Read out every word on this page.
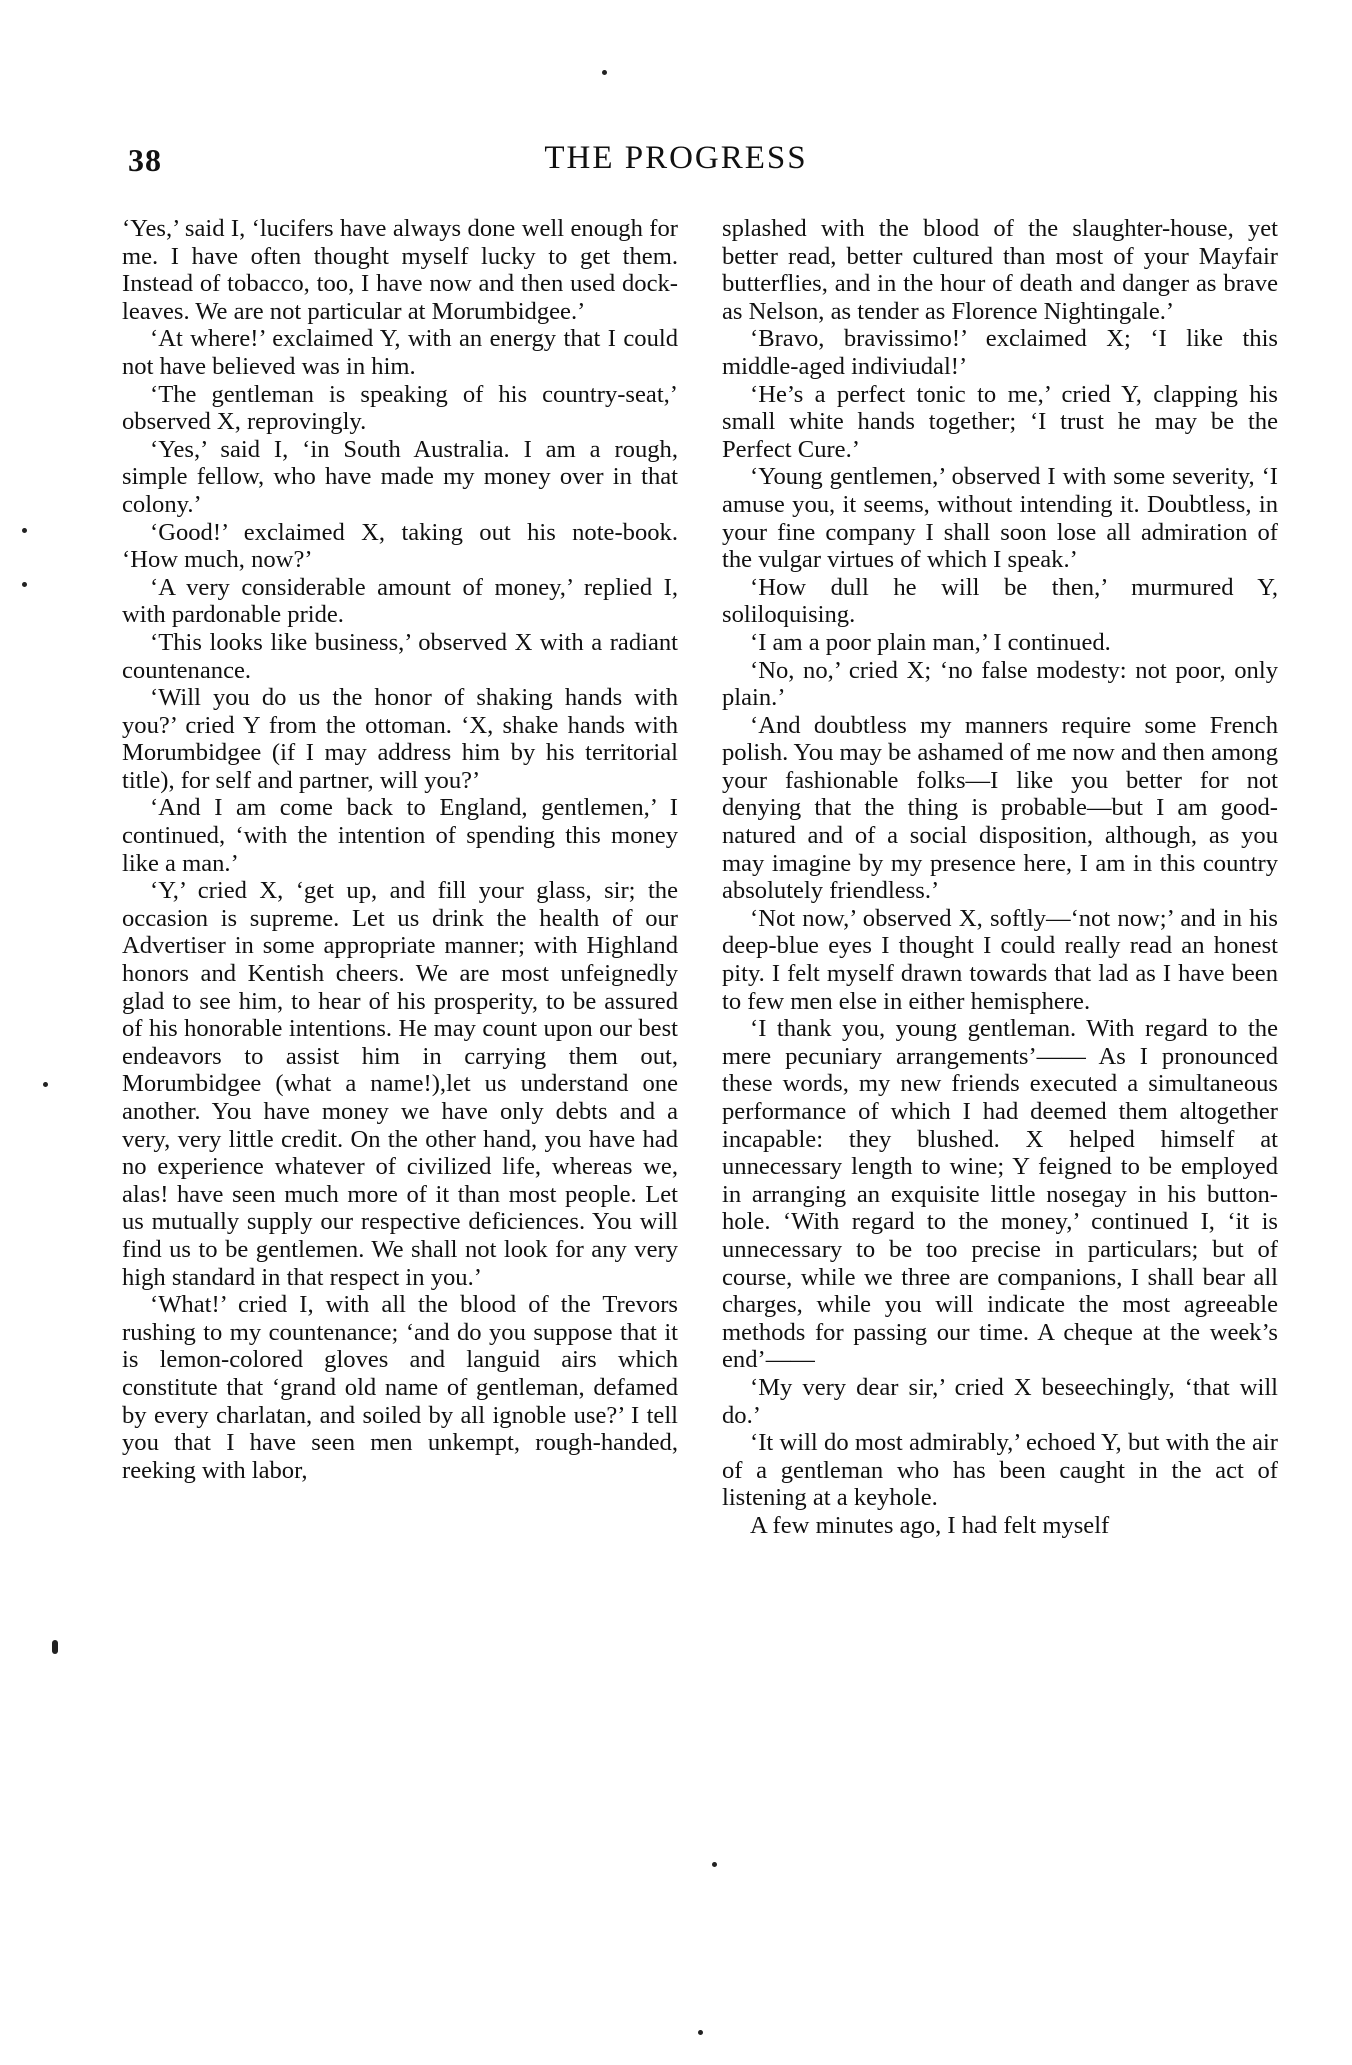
38	THE PROGRESS

‘Yes,’ said I, ‘lucifers have always done well enough for me. I have often thought myself lucky to get them. Instead of tobacco, too, I have now and then used dock-leaves. We are not particular at Morumbidgee.’

‘At where!’ exclaimed Y, with an energy that I could not have believed was in him.

‘The gentleman is speaking of his country-seat,’ observed X, reprovingly.

‘Yes,’ said I, ‘in South Australia. I am a rough, simple fellow, who have made my money over in that colony.’

‘Good!’ exclaimed X, taking out his note-book. ‘How much, now?’

‘A very considerable amount of money,’ replied I, with pardonable pride.

‘This looks like business,’ observed X with a radiant countenance.

‘Will you do us the honor of shaking hands with you?’ cried Y from the ottoman. ‘X, shake hands with Morumbidgee (if I may address him by his territorial title), for self and partner, will you?’

‘And I am come back to England, gentlemen,’ I continued, ‘with the intention of spending this money like a man.’

‘Y,’ cried X, ‘get up, and fill your glass, sir; the occasion is supreme. Let us drink the health of our Advertiser in some appropriate manner; with Highland honors and Kentish cheers. We are most unfeignedly glad to see him, to hear of his prosperity, to be assured of his honorable intentions. He may count upon our best endeavors to assist him in carrying them out, Morumbidgee (what a name!),let us understand one another. You have money we have only debts and a very, very little credit. On the other hand, you have had no experience whatever of civilized life, whereas we, alas! have seen much more of it than most people. Let us mutually supply our respective deficiences. You will find us to be gentlemen. We shall not look for any very high standard in that respect in you.’

‘What!’ cried I, with all the blood of the Trevors rushing to my countenance; ‘and do you suppose that it is lemon-colored gloves and languid airs which constitute that ‘grand old name of gentleman, defamed by every charlatan, and soiled by all ignoble use?’ I tell you that I have seen men unkempt, rough-handed, reeking with labor,

splashed with the blood of the slaughter-house, yet better read, better cultured than most of your Mayfair butterflies, and in the hour of death and danger as brave as Nelson, as tender as Florence Nightingale.’

‘Bravo, bravissimo!’ exclaimed X; ‘I like this middle-aged indiviudal!’

‘He’s a perfect tonic to me,’ cried Y, clapping his small white hands together; ‘I trust he may be the Perfect Cure.’

‘Young gentlemen,’ observed I with some severity, ‘I amuse you, it seems, without intending it. Doubtless, in your fine company I shall soon lose all admiration of the vulgar virtues of which I speak.’

‘How dull he will be then,’ murmured Y, soliloquising.

‘I am a poor plain man,’ I continued.

‘No, no,’ cried X; ‘no false modesty: not poor, only plain.’

‘And doubtless my manners require some French polish. You may be ashamed of me now and then among your fashionable folks—I like you better for not denying that the thing is probable—but I am good-natured and of a social disposition, although, as you may imagine by my presence here, I am in this country absolutely friendless.’

‘Not now,’ observed X, softly—‘not now;’ and in his deep-blue eyes I thought I could really read an honest pity. I felt myself drawn towards that lad as I have been to few men else in either hemisphere.

‘I thank you, young gentleman. With regard to the mere pecuniary arrangements’—— As I pronounced these words, my new friends executed a simultaneous performance of which I had deemed them altogether incapable: they blushed. X helped himself at unnecessary length to wine; Y feigned to be employed in arranging an exquisite little nosegay in his button-hole. ‘With regard to the money,’ continued I, ‘it is unnecessary to be too precise in particulars; but of course, while we three are companions, I shall bear all charges, while you will indicate the most agreeable methods for passing our time. A cheque at the week’s end’——

‘My very dear sir,’ cried X beseechingly, ‘that will do.’

‘It will do most admirably,’ echoed Y, but with the air of a gentleman who has been caught in the act of listening at a keyhole.

A few minutes ago, I had felt myself
